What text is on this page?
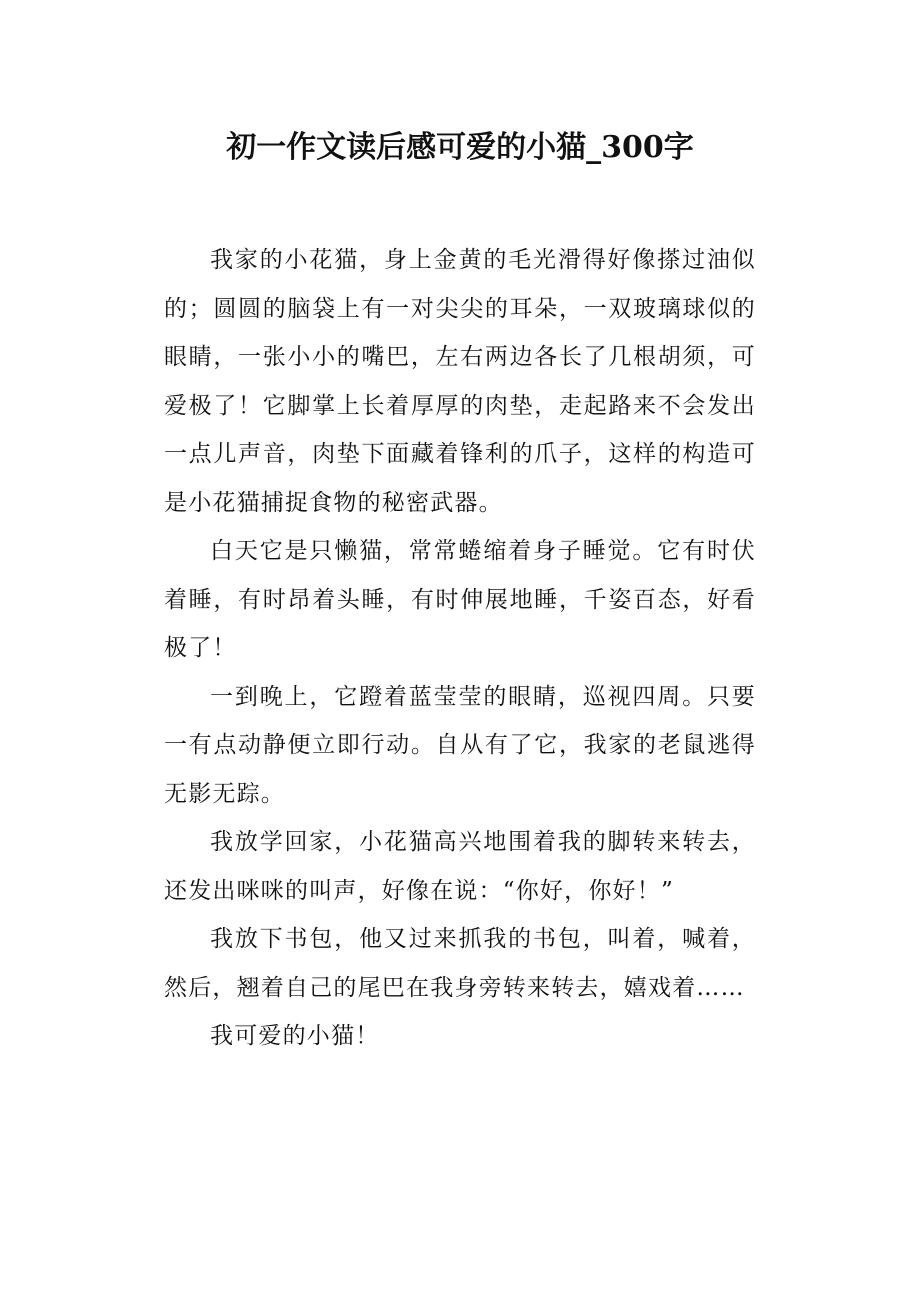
初一作文读后感可爱的小猫_300字

我家的小花猫，身上金黄的毛光滑得好像搽过油似的；圆圆的脑袋上有一对尖尖的耳朵，一双玻璃球似的眼睛，一张小小的嘴巴，左右两边各长了几根胡须，可爱极了！它脚掌上长着厚厚的肉垫，走起路来不会发出一点儿声音，肉垫下面藏着锋利的爪子，这样的构造可是小花猫捕捉食物的秘密武器。

白天它是只懒猫，常常蜷缩着身子睡觉。它有时伏着睡，有时昂着头睡，有时伸展地睡，千姿百态，好看极了！

一到晚上，它蹬着蓝莹莹的眼睛，巡视四周。只要一有点动静便立即行动。自从有了它，我家的老鼠逃得无影无踪。

我放学回家，小花猫高兴地围着我的脚转来转去，还发出咪咪的叫声，好像在说：“你好，你好！”

我放下书包，他又过来抓我的书包，叫着，喊着，然后，翘着自己的尾巴在我身旁转来转去，嬉戏着……

我可爱的小猫！
